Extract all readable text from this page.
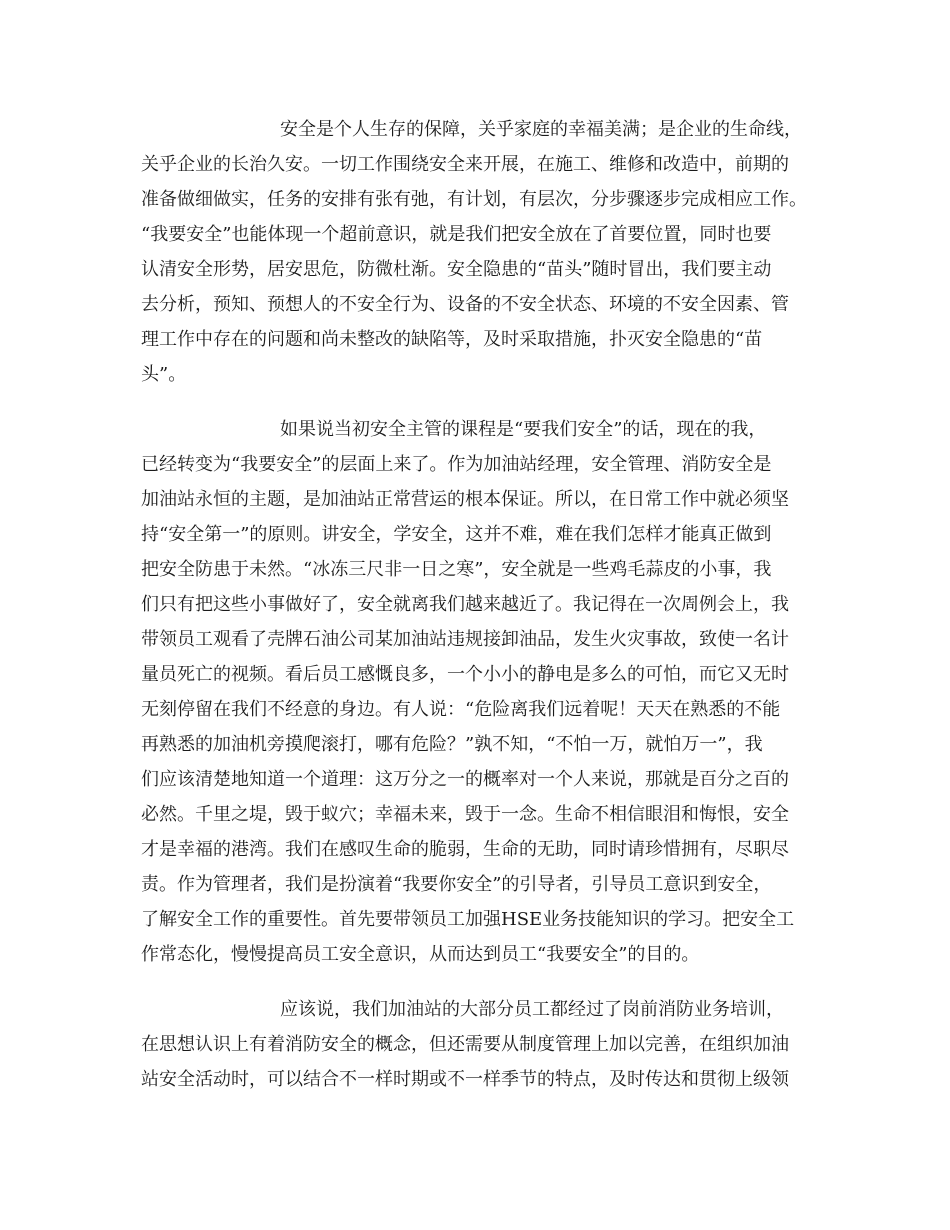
安全是个人生存的保障，关乎家庭的幸福美满；是企业的生命线，
关乎企业的长治久安。一切工作围绕安全来开展，在施工、维修和改造中，前期的
准备做细做实，任务的安排有张有弛，有计划，有层次，分步骤逐步完成相应工作。
“我要安全”也能体现一个超前意识，就是我们把安全放在了首要位置，同时也要
认清安全形势，居安思危，防微杜渐。安全隐患的“苗头”随时冒出，我们要主动
去分析，预知、预想人的不安全行为、设备的不安全状态、环境的不安全因素、管
理工作中存在的问题和尚未整改的缺陷等，及时采取措施，扑灭安全隐患的“苗
头”。
如果说当初安全主管的课程是“要我们安全”的话，现在的我，
已经转变为“我要安全”的层面上来了。作为加油站经理，安全管理、消防安全是
加油站永恒的主题，是加油站正常营运的根本保证。所以，在日常工作中就必须坚
持“安全第一”的原则。讲安全，学安全，这并不难，难在我们怎样才能真正做到
把安全防患于未然。“冰冻三尺非一日之寒”，安全就是一些鸡毛蒜皮的小事，我
们只有把这些小事做好了，安全就离我们越来越近了。我记得在一次周例会上，我
带领员工观看了壳牌石油公司某加油站违规接卸油品，发生火灾事故，致使一名计
量员死亡的视频。看后员工感慨良多，一个小小的静电是多么的可怕，而它又无时
无刻停留在我们不经意的身边。有人说：“危险离我们远着呢！天天在熟悉的不能
再熟悉的加油机旁摸爬滚打，哪有危险？”孰不知，“不怕一万，就怕万一”，我
们应该清楚地知道一个道理：这万分之一的概率对一个人来说，那就是百分之百的
必然。千里之堤，毁于蚁穴；幸福未来，毁于一念。生命不相信眼泪和悔恨，安全
才是幸福的港湾。我们在感叹生命的脆弱，生命的无助，同时请珍惜拥有，尽职尽
责。作为管理者，我们是扮演着“我要你安全”的引导者，引导员工意识到安全，
了解安全工作的重要性。首先要带领员工加强HSE业务技能知识的学习。把安全工
作常态化，慢慢提高员工安全意识，从而达到员工“我要安全”的目的。
应该说，我们加油站的大部分员工都经过了岗前消防业务培训，
在思想认识上有着消防安全的概念，但还需要从制度管理上加以完善，在组织加油
站安全活动时，可以结合不一样时期或不一样季节的特点，及时传达和贯彻上级领
